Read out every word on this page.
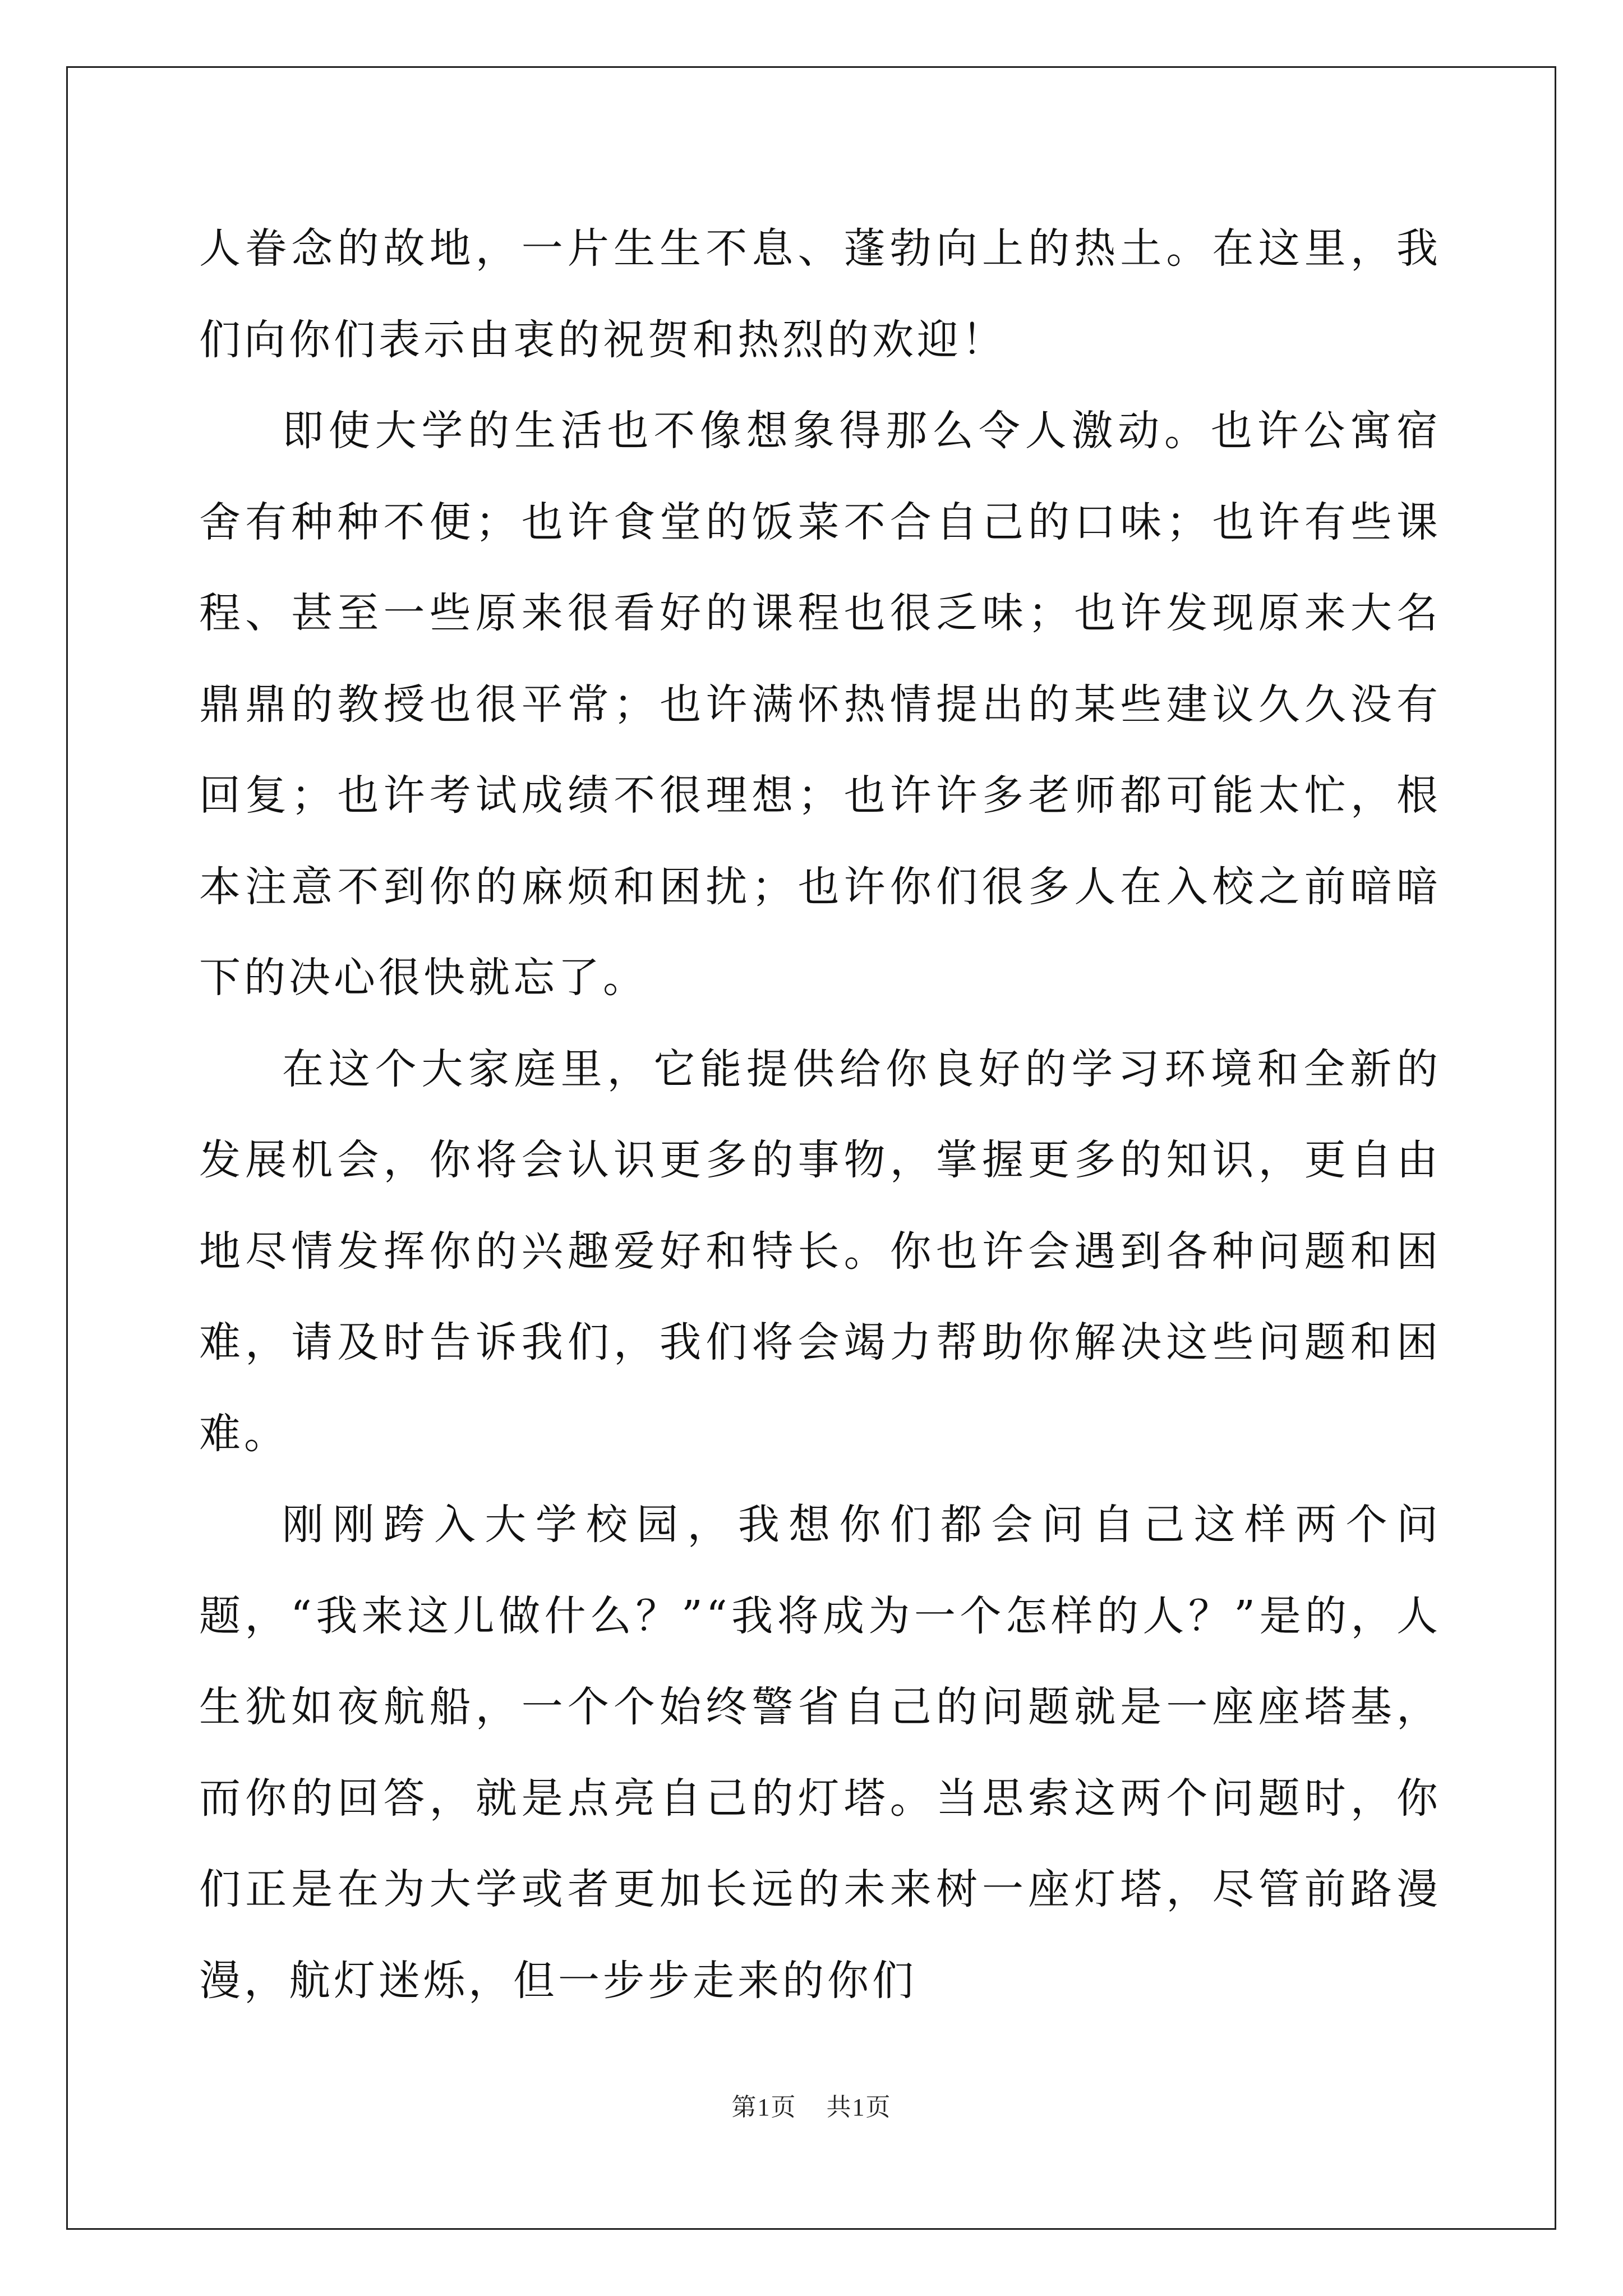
人眷念的故地，一片生生不息、蓬勃向上的热土。在这里，我们向你们表示由衷的祝贺和热烈的欢迎！

即使大学的生活也不像想象得那么令人激动。也许公寓宿舍有种种不便；也许食堂的饭菜不合自己的口味；也许有些课程、甚至一些原来很看好的课程也很乏味；也许发现原来大名鼎鼎的教授也很平常；也许满怀热情提出的某些建议久久没有回复；也许考试成绩不很理想；也许许多老师都可能太忙，根本注意不到你的麻烦和困扰；也许你们很多人在入校之前暗暗下的决心很快就忘了。

在这个大家庭里，它能提供给你良好的学习环境和全新的发展机会，你将会认识更多的事物，掌握更多的知识，更自由地尽情发挥你的兴趣爱好和特长。你也许会遇到各种问题和困难，请及时告诉我们，我们将会竭力帮助你解决这些问题和困难。

刚刚跨入大学校园，我想你们都会问自己这样两个问题，“我来这儿做什么？”“我将成为一个怎样的人？”是的，人生犹如夜航船，一个个始终警省自己的问题就是一座座塔基，而你的回答，就是点亮自己的灯塔。当思索这两个问题时，你们正是在为大学或者更加长远的未来树一座灯塔，尽管前路漫漫，航灯迷烁，但一步步走来的你们

第1页 共1页
